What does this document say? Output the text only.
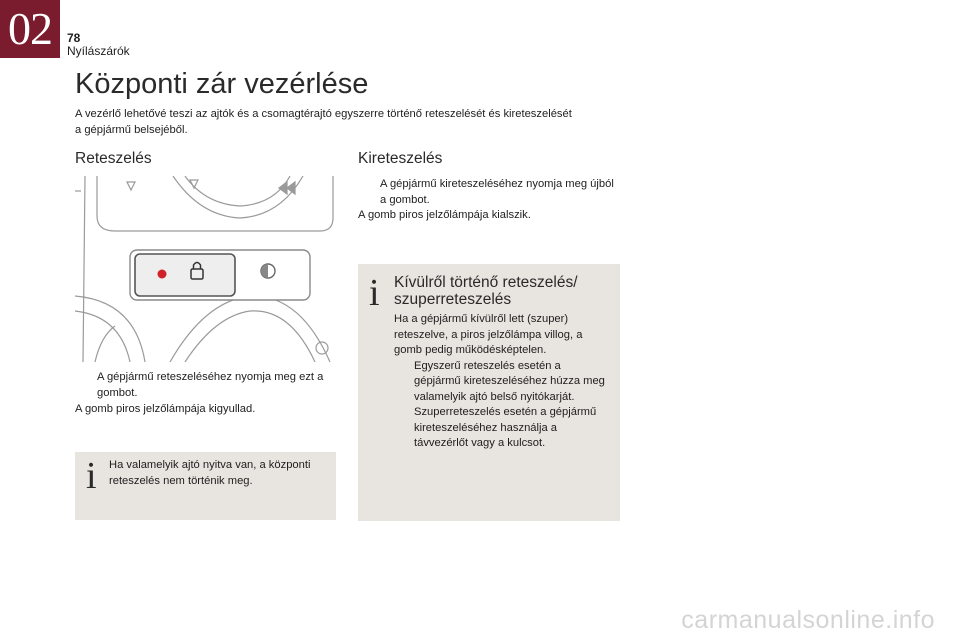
02	78
Nyílászárók
Központi zár vezérlése
A vezérlő lehetővé teszi az ajtók és a csomagtérajtó egyszerre történő reteszelését és kireteszelését a gépjármű belsejéből.
Reteszelés
A gépjármű reteszeléséhez nyomja meg ezt a gombot.
A gomb piros jelzőlámpája kigyullad.
i Ha valamelyik ajtó nyitva van, a központi reteszelés nem történik meg.
Kireteszelés
A gépjármű kireteszeléséhez nyomja meg újból a gombot.
A gomb piros jelzőlámpája kialszik.
i Kívülről történő reteszelés/ szuperreteszelés
Ha a gépjármű kívülről lett (szuper) reteszelve, a piros jelzőlámpa villog, a gomb pedig működésképtelen.
Egyszerű reteszelés esetén a gépjármű kireteszeléséhez húzza meg valamelyik ajtó belső nyitókarját.
Szuperreteszelés esetén a gépjármű kireteszeléséhez használja a távvezérlőt vagy a kulcsot.
carmanualsonline.info
